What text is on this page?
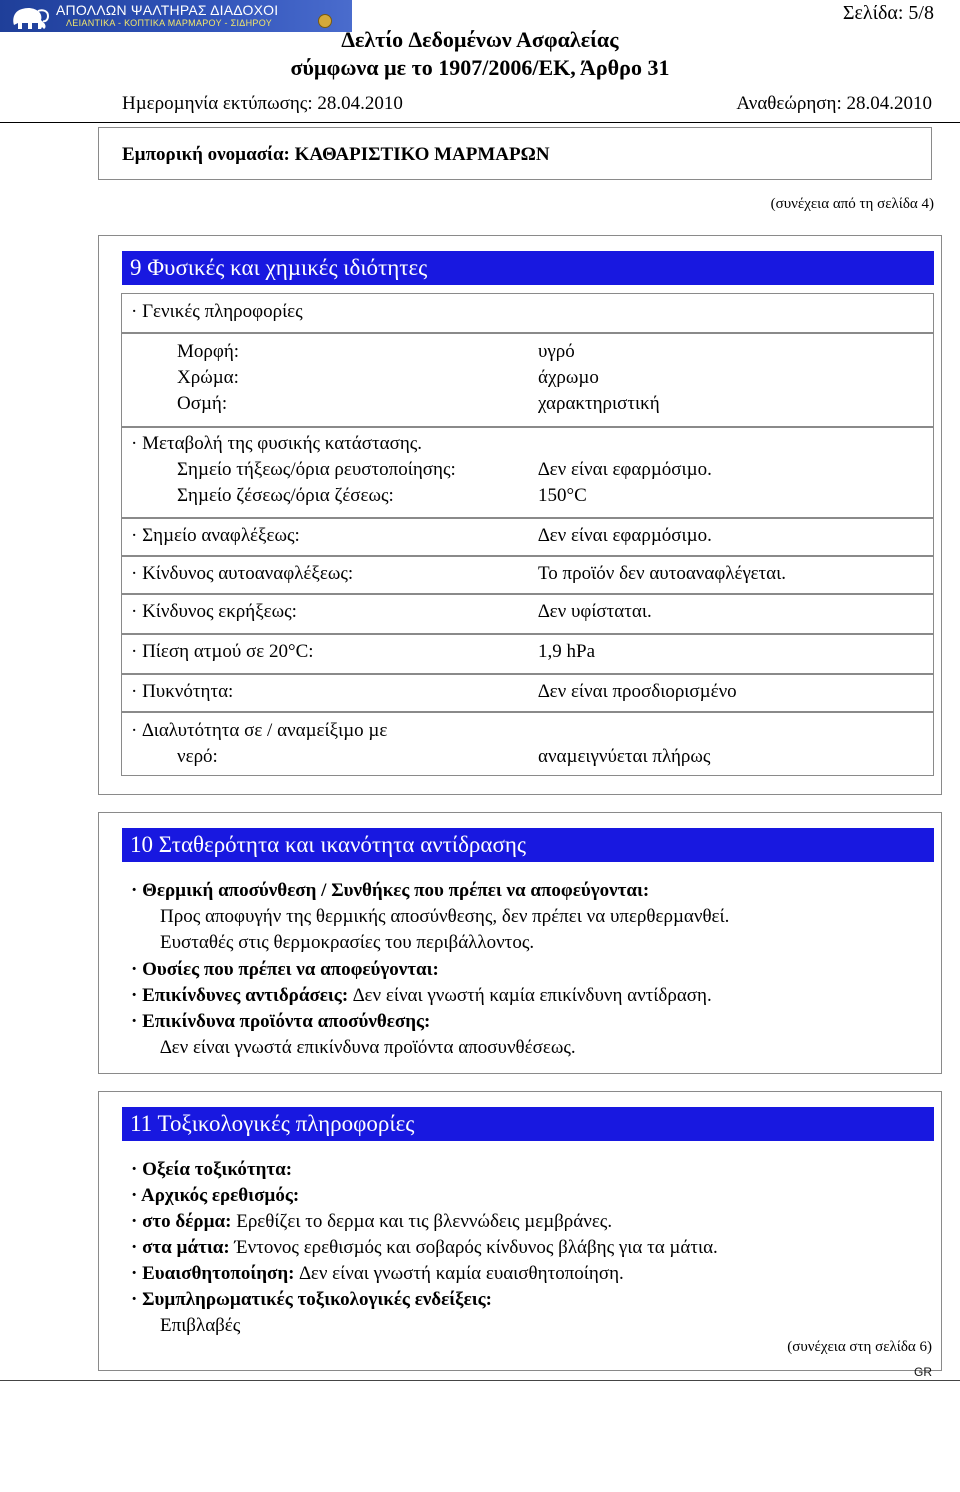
ΑΠΟΛΛΩΝ ΨΑΛΤΗΡΑΣ ΔΙΑΔΟΧΟΙ
ΛΕΙΑΝΤΙΚΑ - ΚΟΠΤΙΚΑ ΜΑΡΜΑΡΟΥ - ΣΙΔΗΡΟΥ	Σελίδα: 5/8
∆ελτίο ∆εδοµένων Ασφαλείας
σύµφωνα µε το 1907/2006/ΕΚ, Άρθρο 31
Ηµεροµηνία εκτύπωσης: 28.04.2010	Αναθεώρηση: 28.04.2010
Εµπορική ονοµασία: ΚΑΘΑΡΙΣΤΙΚΟ ΜΑΡΜΑΡΩΝ
(συνέχεια από τη σελίδα 4)
9 Φυσικές και χηµικές ιδιότητες
· Γενικές πληροφορίες
Μορφή:	υγρό
Χρώµα:	άχρωµο
Οσµή:	χαρακτηριστική
· Μεταβολή της φυσικής κατάστασης.
Σηµείο τήξεως/όρια ρευστοποίησης:	∆εν είναι εφαρµόσιµο.
Σηµείο ζέσεως/όρια ζέσεως:	150°C
· Σηµείο αναφλέξεως:	∆εν είναι εφαρµόσιµο.
· Κίνδυνος αυτοαναφλέξεως:	Το προϊόν δεν αυτοαναφλέγεται.
· Κίνδυνος εκρήξεως:	∆εν υφίσταται.
· Πίεση ατµού σε 20°C:	1,9 hPa
· Πυκνότητα:	∆εν είναι προσδιορισµένο
· ∆ιαλυτότητα σε / αναµείξιµο µε
νερό:	αναµειγνύεται πλήρως
10 Σταθερότητα και ικανότητα αντίδρασης
· Θερµική αποσύνθεση / Συνθήκες που πρέπει να αποφεύγονται:
Προς αποφυγήν της θερµικής αποσύνθεσης, δεν πρέπει να υπερθερµανθεί.
Ευσταθές στις θερµοκρασίες του περιβάλλοντος.
· Ουσίες που πρέπει να αποφεύγονται:
· Επικίνδυνες αντιδράσεις: ∆εν είναι γνωστή καµία επικίνδυνη αντίδραση.
· Επικίνδυνα προϊόντα αποσύνθεσης:
∆εν είναι γνωστά επικίνδυνα προϊόντα αποσυνθέσεως.
11 Τοξικολογικές πληροφορίες
· Οξεία τοξικότητα:
· Αρχικός ερεθισµός:
· στο δέρµα: Ερεθίζει το δερµα και τις βλεννώδεις µεµβράνες.
· στα µάτια: Έντονος ερεθισµός και σοβαρός κίνδυνος βλάβης για τα µάτια.
· Ευαισθητοποίηση: ∆εν είναι γνωστή καµία ευαισθητοποίηση.
· Συµπληρωµατικές τοξικολογικές ενδείξεις:
Επιβλαβές
(συνέχεια στη σελίδα 6)
GR
